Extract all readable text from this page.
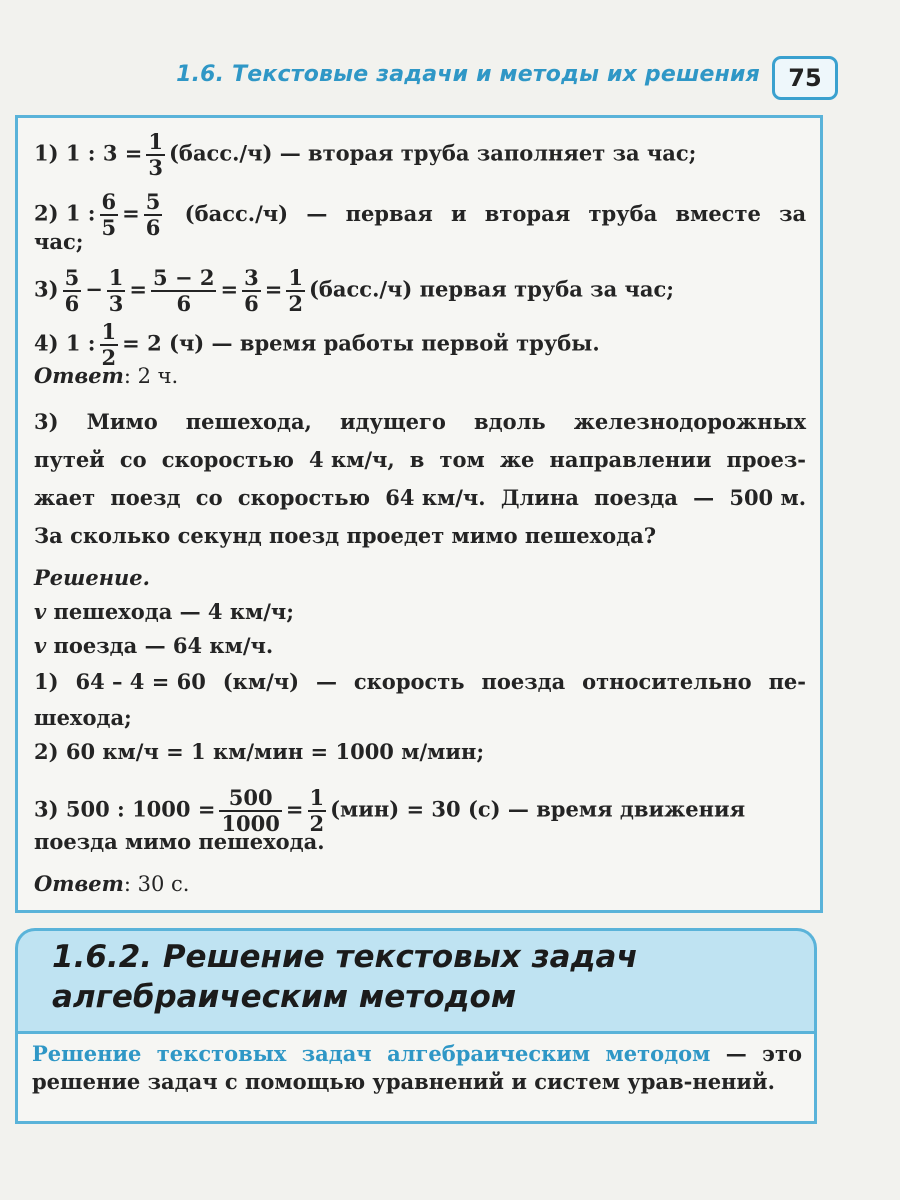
1.6. Текстовые задачи и методы их решения	75
1) 1 : $3 = \frac{1}{3}$ (басс./ч) — вторая труба заполняет за час;
2) 1 : $\frac{6}{5} = \frac{5}{6}$ (басс./ч) — первая и вторая труба вместе за
час;
$3) \frac{5}{6} - \frac{1}{3} = \frac{5 - 2}{6} = \frac{3}{6} = \frac{1}{2}$ (басс./ч) первая труба за час;
4) 1 : $\frac{1}{2} = 2$ (ч) — время работы первой трубы.
Ответ: 2 ч.
3) Мимо пешехода, идущего вдоль железнодорожных
путей со скоростью 4 км/ч, в том же направлении проез-
жает поезд со скоростью 64 км/ч. Длина поезда — 500 м.
За сколько секунд поезд проедет мимо пешехода?
Решение.
v пешехода — 4 км/ч;
v поезда — 64 км/ч.
1) 64 – 4 = 60 (км/ч) — скорость поезда относительно пе-
шехода;
2) 60 км/ч = 1 км/мин = 1000 м/мин;
3) 500 : $1000 = \frac{500}{1000} = \frac{1}{2} (мин) = 30$ (с) — время движения
поезда мимо пешехода.
Ответ: 30 с.
1.6.2. Решение текстовых задач
алгебраическим методом
Решение текстовых задач алгебраическим методом — это решение задач с помощью уравнений и систем урав-нений.
